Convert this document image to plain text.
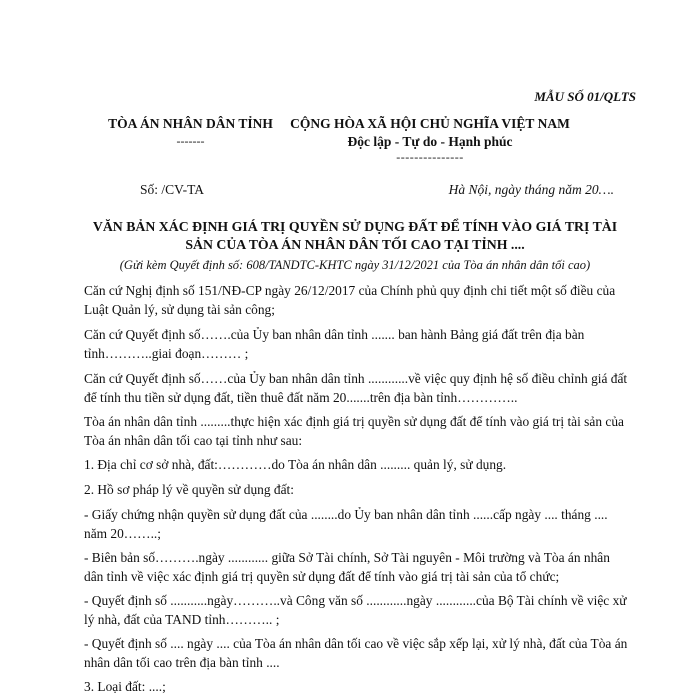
MẪU SỐ 01/QLTS
TÒA ÁN NHÂN DÂN TỈNH
-------
CỘNG HÒA XÃ HỘI CHỦ NGHĨA VIỆT NAM
Độc lập - Tự do - Hạnh phúc
---------------
Số: /CV-TA	Hà Nội, ngày tháng năm 20….
VĂN BẢN XÁC ĐỊNH GIÁ TRỊ QUYỀN SỬ DỤNG ĐẤT ĐỂ TÍNH VÀO GIÁ TRỊ TÀI
SẢN CỦA TÒA ÁN NHÂN DÂN TỐI CAO TẠI TỈNH ....
(Gửi kèm Quyết định số: 608/TANDTC-KHTC ngày 31/12/2021 của Tòa án nhân dân tối cao)
Căn cứ Nghị định số 151/NĐ-CP ngày 26/12/2017 của Chính phủ quy định chi tiết một số điều của Luật Quản lý, sử dụng tài sản công;
Căn cứ Quyết định số…….của Ủy ban nhân dân tỉnh ....... ban hành Bảng giá đất trên địa bàn tỉnh………..giai đoạn……… ;
Căn cứ Quyết định số……của Ủy ban nhân dân tỉnh ............về việc quy định hệ số điều chỉnh giá đất để tính thu tiền sử dụng đất, tiền thuê đất năm 20.......trên địa bàn tỉnh…………..
Tòa án nhân dân tỉnh .........thực hiện xác định giá trị quyền sử dụng đất để tính vào giá trị tài sản của Tòa án nhân dân tối cao tại tỉnh như sau:
1. Địa chỉ cơ sở nhà, đất:…………do Tòa án nhân dân ......... quản lý, sử dụng.
2. Hồ sơ pháp lý về quyền sử dụng đất:
- Giấy chứng nhận quyền sử dụng đất của ........do Ủy ban nhân dân tỉnh ......cấp ngày .... tháng .... năm 20……..;
- Biên bản số……….ngày ............ giữa Sở Tài chính, Sở Tài nguyên - Môi trường và Tòa án nhân dân tỉnh về việc xác định giá trị quyền sử dụng đất để tính vào giá trị tài sản của tổ chức;
- Quyết định số ...........ngày………..và Công văn số ............ngày ............của Bộ Tài chính về việc xử lý nhà, đất của TAND tỉnh……….. ;
- Quyết định số .... ngày .... của Tòa án nhân dân tối cao về việc sắp xếp lại, xử lý nhà, đất của Tòa án nhân dân tối cao trên địa bàn tỉnh ....
3. Loại đất: ....;
